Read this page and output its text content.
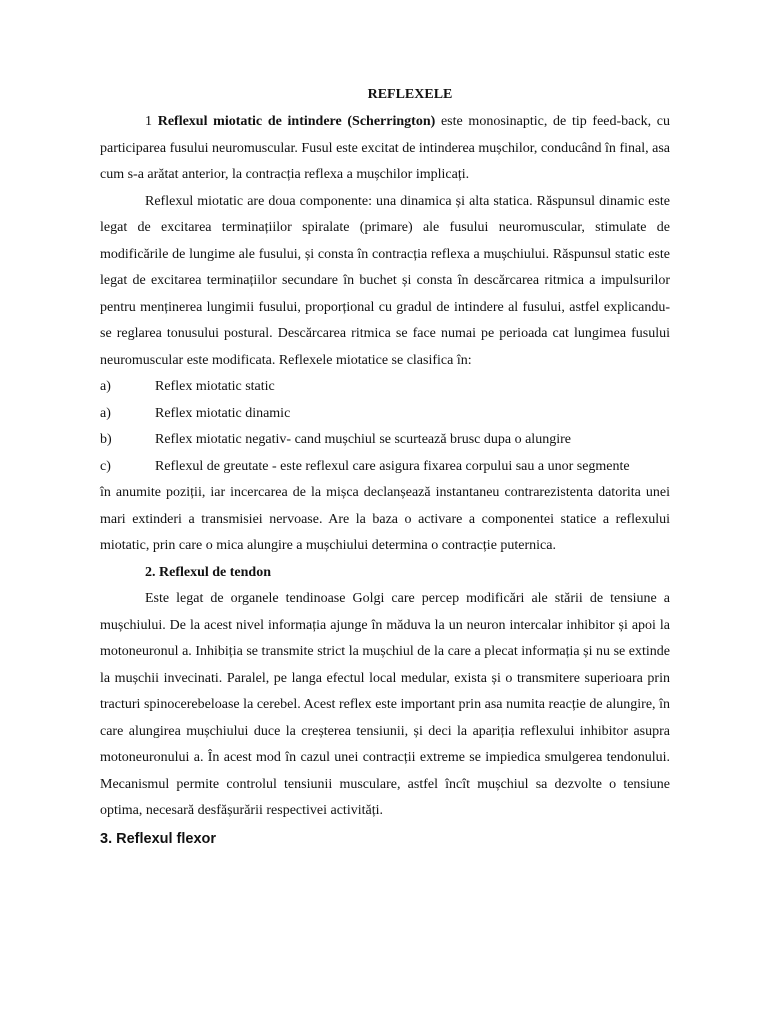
REFLEXELE

1 Reflexul miotatic de intindere (Scherrington) este monosinaptic, de tip feed-back, cu participarea fusului neuromuscular. Fusul este excitat de intinderea mușchilor, conducând în final, asa cum s-a arătat anterior, la contracția reflexa a mușchilor implicați.

Reflexul miotatic are doua componente: una dinamica și alta statica. Răspunsul dinamic este legat de excitarea terminațiilor spiralate (primare) ale fusului neuromuscular, stimulate de modificările de lungime ale fusului, și consta în contracția reflexa a mușchiului. Răspunsul static este legat de excitarea terminațiilor secundare în buchet și consta în descărcarea ritmica a impulsurilor pentru menținerea lungimii fusului, proporțional cu gradul de intindere al fusului, astfel explicandu-se reglarea tonusului postural. Descărcarea ritmica se face numai pe perioada cat lungimea fusului neuromuscular este modificata. Reflexele miotatice se clasifica în:

a)	Reflex miotatic static
a)	Reflex miotatic dinamic
b)	Reflex miotatic negativ- cand mușchiul se scurtează brusc dupa o alungire
c)	Reflexul de greutate - este reflexul care asigura fixarea corpului sau a unor segmente

în anumite poziții, iar incercarea de la mișca declanșează instantaneu contrarezistenta datorita unei mari extinderi a transmisiei nervoase. Are la baza o activare a componentei statice a reflexului miotatic, prin care o mica alungire a mușchiului determina o contracție puternica.

2. Reflexul de tendon

Este legat de organele tendinoase Golgi care percep modificări ale stării de tensiune a mușchiului. De la acest nivel informația ajunge în măduva la un neuron intercalar inhibitor și apoi la motoneuronul a. Inhibiția se transmite strict la mușchiul de la care a plecat informația și nu se extinde la mușchii invecinati. Paralel, pe langa efectul local medular, exista și o transmitere superioara prin tracturi spinocerebeloase la cerebel. Acest reflex este important prin asa numita reacție de alungire, în care alungirea mușchiului duce la creșterea tensiunii, și deci la apariția reflexului inhibitor asupra motoneuronului a. În acest mod în cazul unei contracții extreme se impiedica smulgerea tendonului. Mecanismul permite controlul tensiunii musculare, astfel încît mușchiul sa dezvolte o tensiune optima, necesară desfășurării respectivei activități.

3. Reflexul flexor
